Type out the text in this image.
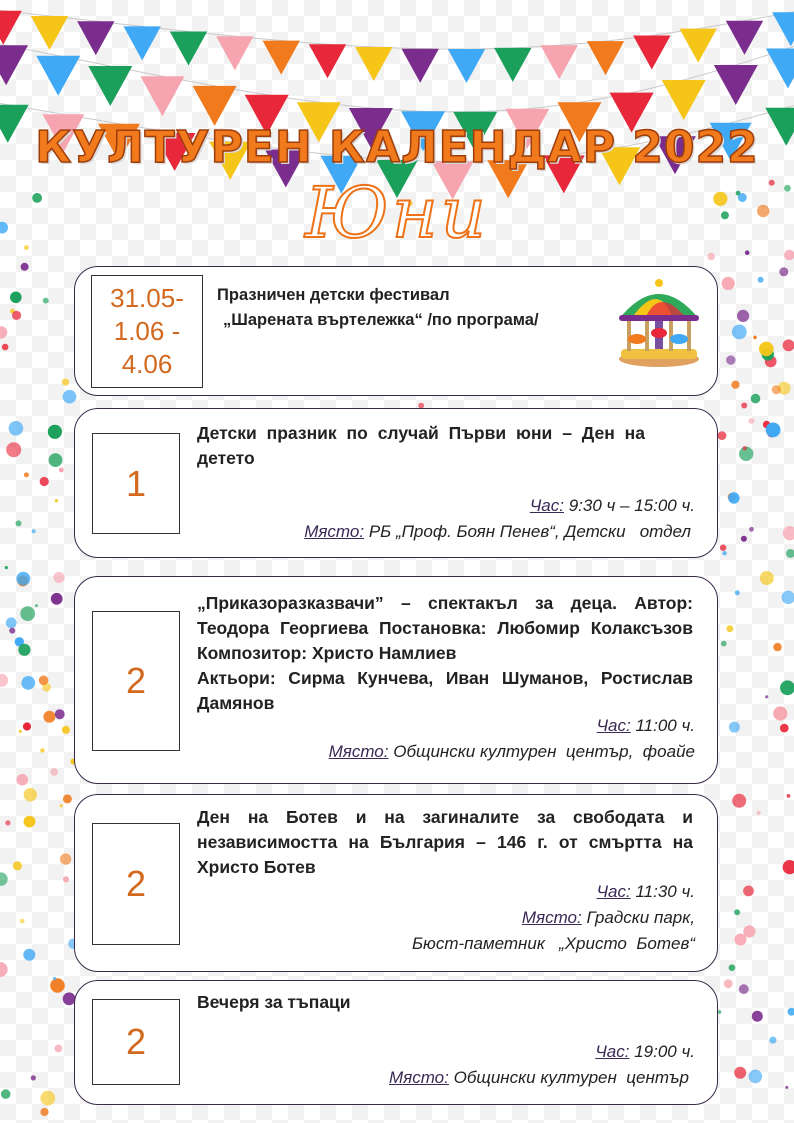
КУЛТУРЕН КАЛЕНДАР 2022
Юни
31.05-
1.06 -
4.06
Празничен детски фестивал
„Шарената въртележка“ /по програма/
1
Детски празник по случай Първи юни – Ден на детето
Час: 9:30 ч – 15:00 ч.
Място: РБ „Проф. Боян Пенев“, Детски   отдел
2
„Приказоразказвачи” – спектакъл за деца. Автор: Теодора Георгиева Постановка: Любомир Колаксъзов Композитор: Христо Намлиев
Актьори: Сирма Кунчева, Иван Шуманов, Ростислав Дамянов
Час: 11:00 ч.
Място: Общински културен  център,  фоайе
2
Ден на Ботев и на загиналите за свободата и независимостта на България – 146 г. от смъртта на Христо Ботев
Час: 11:30 ч.
Място: Градски парк,
Бюст-паметник   „Христо  Ботев“
2
Вечеря за тъпаци
Час: 19:00 ч.
Място: Общински културен  център
